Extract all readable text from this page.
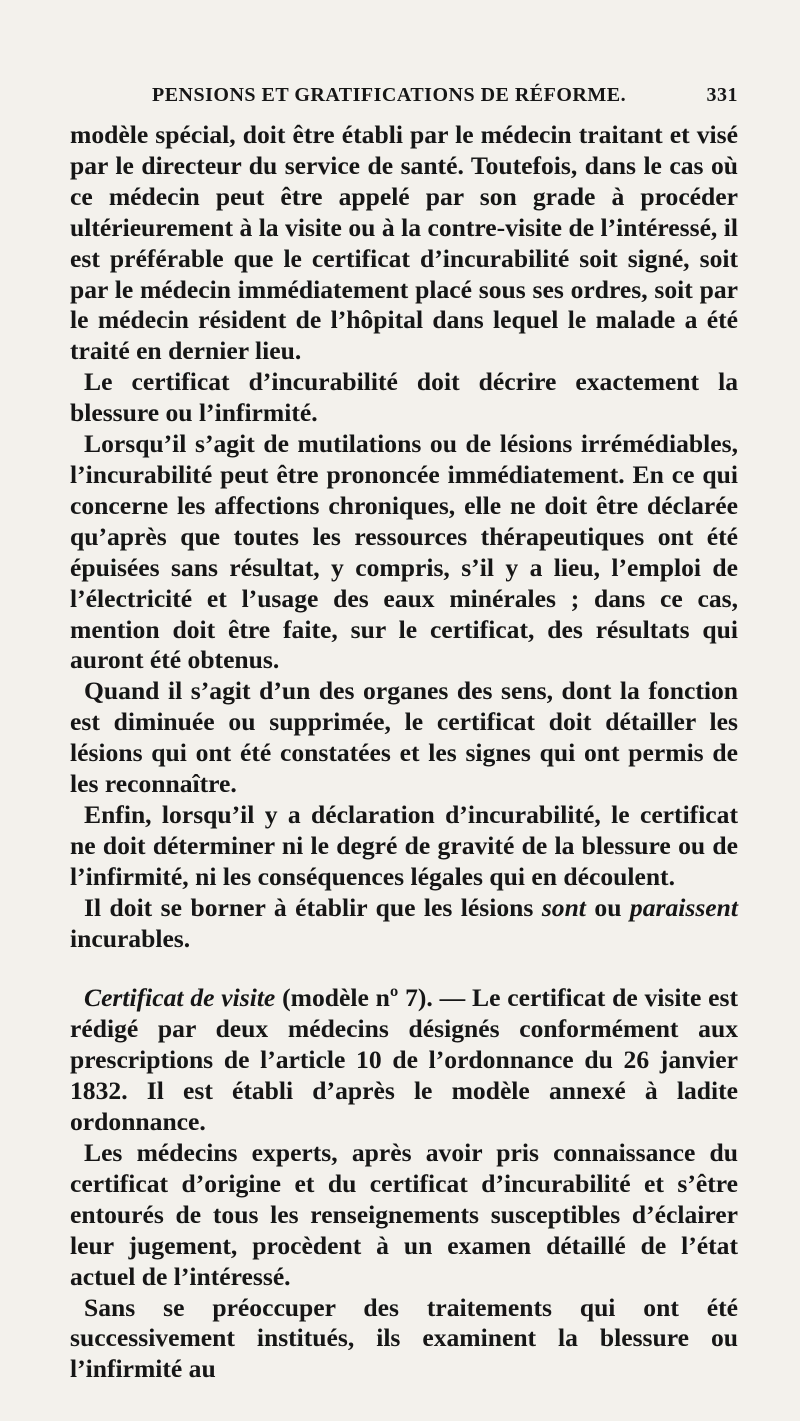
PENSIONS ET GRATIFICATIONS DE RÉFORME.	331

modèle spécial, doit être établi par le médecin traitant et visé par le directeur du service de santé. Toutefois, dans le cas où ce médecin peut être appelé par son grade à procéder ultérieurement à la visite ou à la contre-visite de l’intéressé, il est préférable que le certificat d’incurabilité soit signé, soit par le médecin immédiatement placé sous ses ordres, soit par le médecin résident de l’hôpital dans lequel le malade a été traité en dernier lieu.

Le certificat d’incurabilité doit décrire exactement la blessure ou l’infirmité.

Lorsqu’il s’agit de mutilations ou de lésions irrémédiables, l’incurabilité peut être prononcée immédiatement. En ce qui concerne les affections chroniques, elle ne doit être déclarée qu’après que toutes les ressources thérapeutiques ont été épuisées sans résultat, y compris, s’il y a lieu, l’emploi de l’électricité et l’usage des eaux minérales ; dans ce cas, mention doit être faite, sur le certificat, des résultats qui auront été obtenus.

Quand il s’agit d’un des organes des sens, dont la fonction est diminuée ou supprimée, le certificat doit détailler les lésions qui ont été constatées et les signes qui ont permis de les reconnaître.

Enfin, lorsqu’il y a déclaration d’incurabilité, le certificat ne doit déterminer ni le degré de gravité de la blessure ou de l’infirmité, ni les conséquences légales qui en découlent.

Il doit se borner à établir que les lésions sont ou paraissent incurables.

Certificat de visite (modèle nº 7). — Le certificat de visite est rédigé par deux médecins désignés conformément aux prescriptions de l’article 10 de l’ordonnance du 26 janvier 1832. Il est établi d’après le modèle annexé à ladite ordonnance.

Les médecins experts, après avoir pris connaissance du certificat d’origine et du certificat d’incurabilité et s’être entourés de tous les renseignements susceptibles d’éclairer leur jugement, procèdent à un examen détaillé de l’état actuel de l’intéressé.

Sans se préoccuper des traitements qui ont été successivement institués, ils examinent la blessure ou l’infirmité au
